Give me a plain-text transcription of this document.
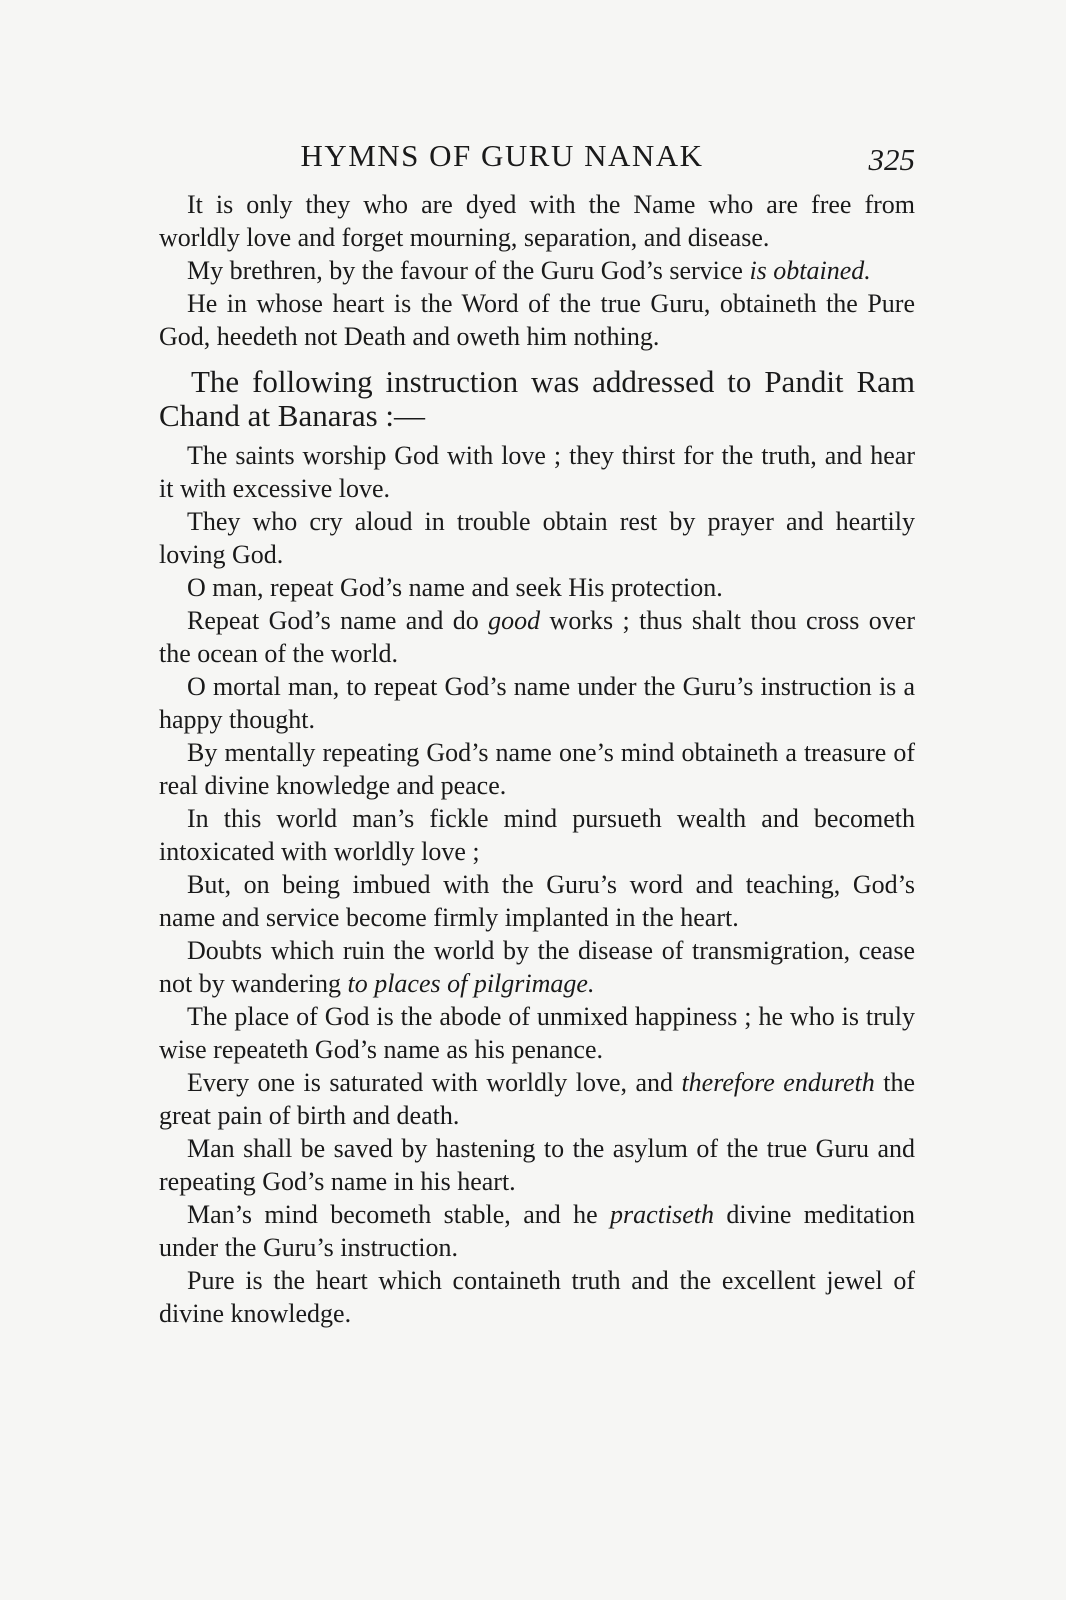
HYMNS OF GURU NANAK	325

It is only they who are dyed with the Name who are free from worldly love and forget mourning, separation, and disease.

My brethren, by the favour of the Guru God’s service is obtained.

He in whose heart is the Word of the true Guru, obtaineth the Pure God, heedeth not Death and oweth him nothing.

The following instruction was addressed to Pandit Ram Chand at Banaras :—

The saints worship God with love ; they thirst for the truth, and hear it with excessive love.

They who cry aloud in trouble obtain rest by prayer and heartily loving God.

O man, repeat God’s name and seek His protection.

Repeat God’s name and do good works ; thus shalt thou cross over the ocean of the world.

O mortal man, to repeat God’s name under the Guru’s instruction is a happy thought.

By mentally repeating God’s name one’s mind obtaineth a treasure of real divine knowledge and peace.

In this world man’s fickle mind pursueth wealth and becometh intoxicated with worldly love ;

But, on being imbued with the Guru’s word and teaching, God’s name and service become firmly implanted in the heart.

Doubts which ruin the world by the disease of transmigration, cease not by wandering to places of pilgrimage.

The place of God is the abode of unmixed happiness ; he who is truly wise repeateth God’s name as his penance.

Every one is saturated with worldly love, and therefore endureth the great pain of birth and death.

Man shall be saved by hastening to the asylum of the true Guru and repeating God’s name in his heart.

Man’s mind becometh stable, and he practiseth divine meditation under the Guru’s instruction.

Pure is the heart which containeth truth and the excellent jewel of divine knowledge.
